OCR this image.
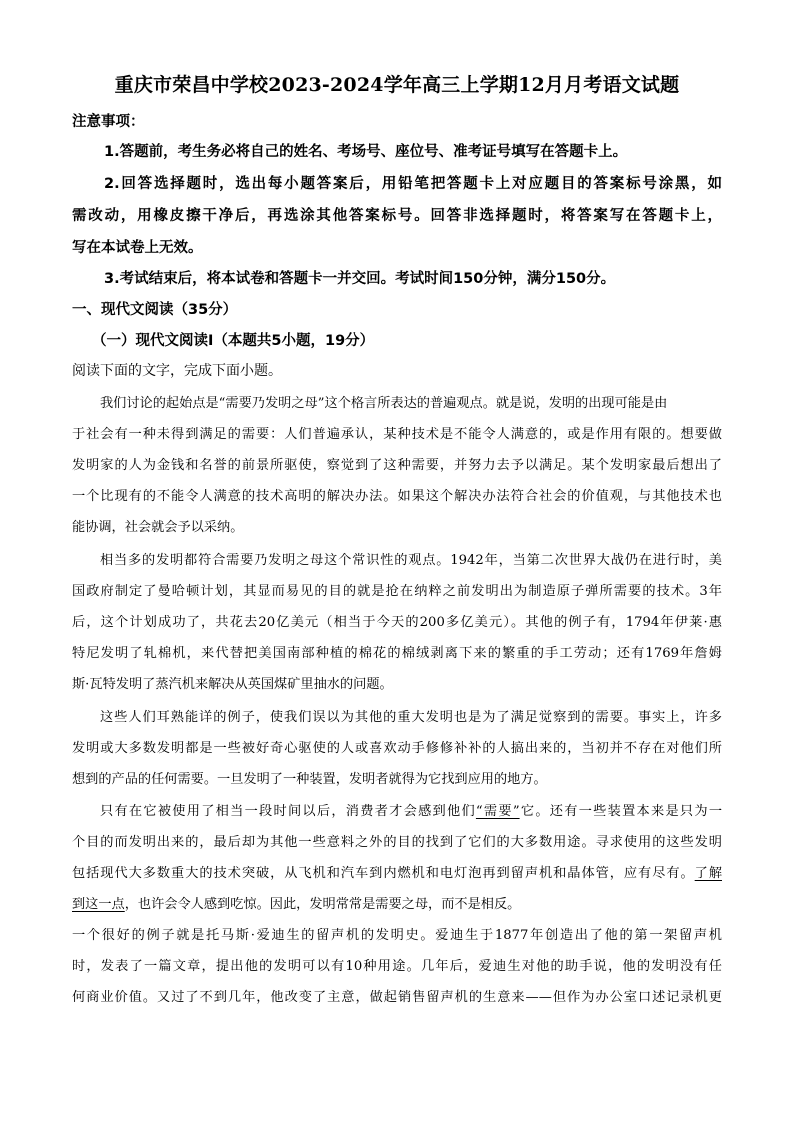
重庆市荣昌中学校2023-2024学年高三上学期12月月考语文试题
注意事项：
1.答题前，考生务必将自己的姓名、考场号、座位号、准考证号填写在答题卡上。
2.回答选择题时，选出每小题答案后，用铅笔把答题卡上对应题目的答案标号涂黑，如
需改动，用橡皮擦干净后，再选涂其他答案标号。回答非选择题时，将答案写在答题卡上，
写在本试卷上无效。
3.考试结束后，将本试卷和答题卡一并交回。考试时间150分钟，满分150分。
一、现代文阅读（35分）
（一）现代文阅读Ⅰ（本题共5小题，19分）
阅读下面的文字，完成下面小题。
我们讨论的起始点是“需要乃发明之母”这个格言所表达的普遍观点。就是说，发明的出现可能是由
于社会有一种未得到满足的需要：人们普遍承认，某种技术是不能令人满意的，或是作用有限的。想要做
发明家的人为金钱和名誉的前景所驱使，察觉到了这种需要，并努力去予以满足。某个发明家最后想出了
一个比现有的不能令人满意的技术高明的解决办法。如果这个解决办法符合社会的价值观，与其他技术也
能协调，社会就会予以采纳。
相当多的发明都符合需要乃发明之母这个常识性的观点。1942年，当第二次世界大战仍在进行时，美
国政府制定了曼哈顿计划，其显而易见的目的就是抢在纳粹之前发明出为制造原子弹所需要的技术。3年
后，这个计划成功了，共花去20亿美元（相当于今天的200多亿美元）。其他的例子有，1794年伊莱·惠
特尼发明了轧棉机，来代替把美国南部种植的棉花的棉绒剥离下来的繁重的手工劳动；还有1769年詹姆
斯·瓦特发明了蒸汽机来解决从英国煤矿里抽水的问题。
这些人们耳熟能详的例子，使我们误以为其他的重大发明也是为了满足觉察到的需要。事实上，许多
发明或大多数发明都是一些被好奇心驱使的人或喜欢动手修修补补的人搞出来的，当初并不存在对他们所
想到的产品的任何需要。一旦发明了一种装置，发明者就得为它找到应用的地方。
只有在它被使用了相当一段时间以后，消费者才会感到他们“需要”它。还有一些装置本来是只为一
个目的而发明出来的，最后却为其他一些意料之外的目的找到了它们的大多数用途。寻求使用的这些发明
包括现代大多数重大的技术突破，从飞机和汽车到内燃机和电灯泡再到留声机和晶体管，应有尽有。了解
到这一点，也许会令人感到吃惊。因此，发明常常是需要之母，而不是相反。
一个很好的例子就是托马斯·爱迪生的留声机的发明史。爱迪生于1877年创造出了他的第一架留声机
时，发表了一篇文章，提出他的发明可以有10种用途。几年后，爱迪生对他的助手说，他的发明没有任
何商业价值。又过了不到几年，他改变了主意，做起销售留声机的生意来——但作为办公室口述记录机更
